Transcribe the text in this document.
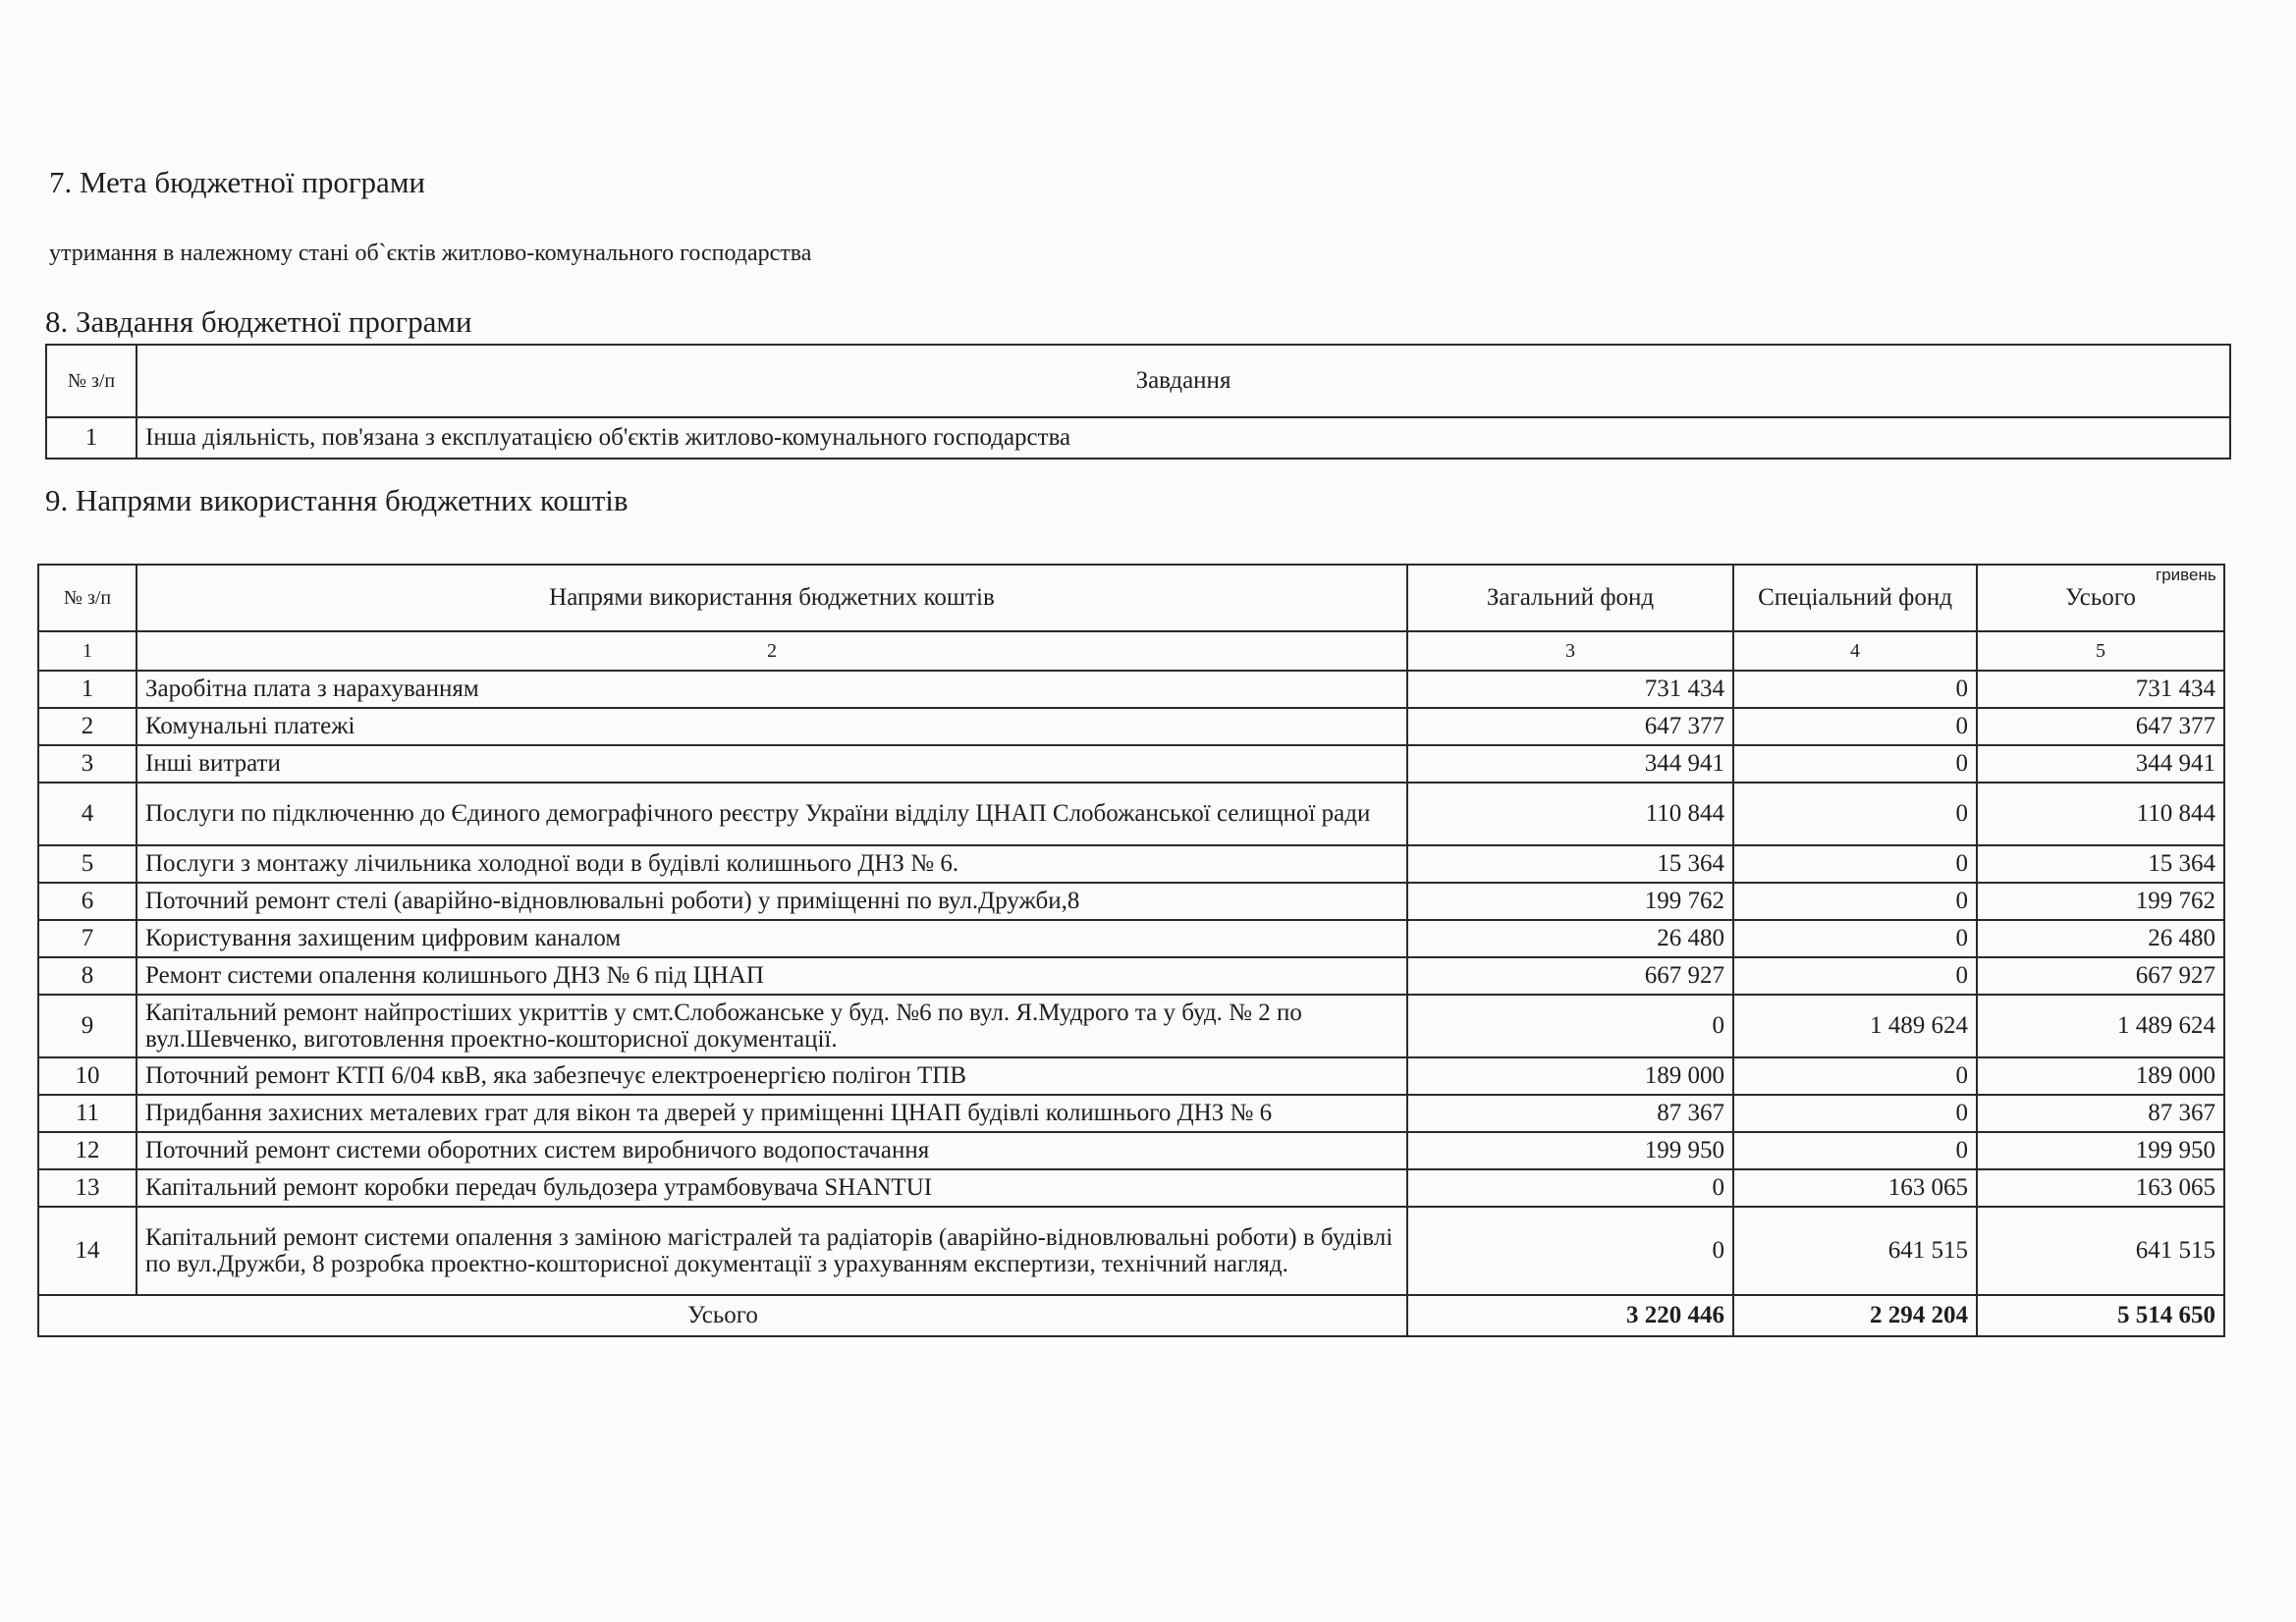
7. Мета бюджетної програми
утримання в належному стані об`єктів житлово-комунального господарства
8. Завдання бюджетної програми
№ з/п	Завдання
1	Інша діяльність, пов'язана з експлуатацією об'єктів житлово-комунального господарства
9. Напрями використання бюджетних коштів
гривень
№ з/п	Напрями використання бюджетних коштів	Загальний фонд	Спеціальний фонд	Усього
1	2	3	4	5
1	Заробітна плата з нарахуванням	731 434	0	731 434
2	Комунальні платежі	647 377	0	647 377
3	Інші витрати	344 941	0	344 941
4	Послуги по підключенню до Єдиного демографічного реєстру України відділу ЦНАП Слобожанської селищної ради	110 844	0	110 844
5	Послуги з монтажу лічильника холодної води в будівлі колишнього ДНЗ № 6.	15 364	0	15 364
6	Поточний ремонт стелі (аварійно-відновлювальні роботи) у приміщенні по вул.Дружби,8	199 762	0	199 762
7	Користування захищеним цифровим каналом	26 480	0	26 480
8	Ремонт системи опалення колишнього ДНЗ № 6 під ЦНАП	667 927	0	667 927
9	Капітальний ремонт найпростіших укриттів у смт.Слобожанське у буд. №6 по вул. Я.Мудрого та у буд. № 2 по вул.Шевченко, виготовлення проектно-кошторисної документації.	0	1 489 624	1 489 624
10	Поточний ремонт КТП 6/04 квВ, яка забезпечує електроенергією полігон ТПВ	189 000	0	189 000
11	Придбання захисних металевих грат для вікон та дверей у приміщенні ЦНАП будівлі колишнього ДНЗ № 6	87 367	0	87 367
12	Поточний ремонт системи оборотних систем виробничого водопостачання	199 950	0	199 950
13	Капітальний ремонт коробки передач бульдозера утрамбовувача SHANTUI	0	163 065	163 065
14	Капітальний ремонт системи опалення з заміною магістралей та радіаторів (аварійно-відновлювальні роботи) в будівлі по вул.Дружби, 8 розробка проектно-кошторисної документації з урахуванням експертизи, технічний нагляд.	0	641 515	641 515
Усього		3 220 446	2 294 204	5 514 650
